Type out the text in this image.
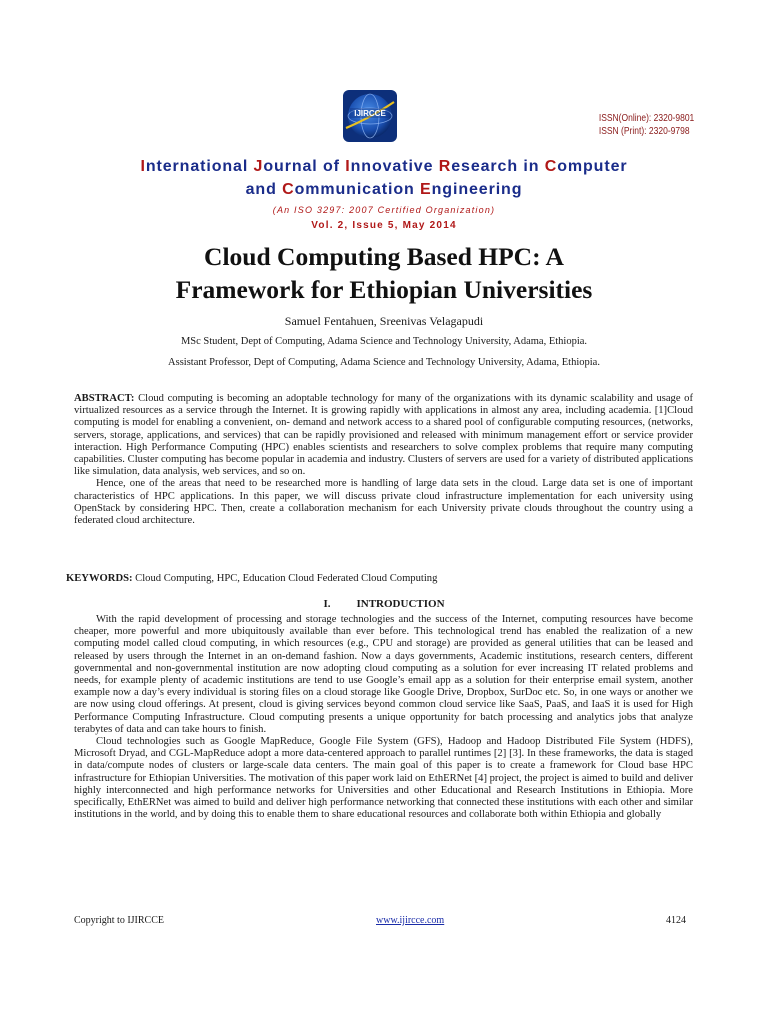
IJIRCCE	ISSN(Online): 2320-9801
ISSN (Print): 2320-9798
International Journal of Innovative Research in Computer
and Communication Engineering
(An ISO 3297: 2007 Certified Organization)
Vol. 2, Issue 5, May 2014
Cloud Computing Based HPC: A
Framework for Ethiopian Universities
Samuel Fentahuen, Sreenivas Velagapudi
MSc Student, Dept of Computing, Adama Science and Technology University, Adama, Ethiopia.
Assistant Professor, Dept of Computing, Adama Science and Technology University, Adama, Ethiopia.

ABSTRACT: Cloud computing is becoming an adoptable technology for many of the organizations with its dynamic scalability and usage of virtualized resources as a service through the Internet. It is growing rapidly with applications in almost any area, including academia. [1]Cloud computing is model for enabling a convenient, on- demand and network access to a shared pool of configurable computing resources, (networks, servers, storage, applications, and services) that can be rapidly provisioned and released with minimum management effort or service provider interaction. High Performance Computing (HPC) enables scientists and researchers to solve complex problems that require many computing capabilities. Cluster computing has become popular in academia and industry. Clusters of servers are used for a variety of distributed applications like simulation, data analysis, web services, and so on.

Hence, one of the areas that need to be researched more is handling of large data sets in the cloud. Large data set is one of important characteristics of HPC applications. In this paper, we will discuss private cloud infrastructure implementation for each university using OpenStack by considering HPC. Then, create a collaboration mechanism for each University private clouds throughout the country using a federated cloud architecture.

KEYWORDS: Cloud Computing, HPC, Education Cloud Federated Cloud Computing
I. INTRODUCTION

With the rapid development of processing and storage technologies and the success of the Internet, computing resources have become cheaper, more powerful and more ubiquitously available than ever before. This technological trend has enabled the realization of a new computing model called cloud computing, in which resources (e.g., CPU and storage) are provided as general utilities that can be leased and released by users through the Internet in an on-demand fashion. Now a days governments, Academic institutions, research centers, different governmental and non-governmental institution are now adopting cloud computing as a solution for ever increasing IT related problems and needs, for example plenty of academic institutions are tend to use Google’s email app as a solution for their enterprise email system, another example now a day’s every individual is storing files on a cloud storage like Google Drive, Dropbox, SurDoc etc. So, in one ways or another we are now using cloud offerings. At present, cloud is giving services beyond common cloud service like SaaS, PaaS, and IaaS it is used for High Performance Computing Infrastructure. Cloud computing presents a unique opportunity for batch processing and analytics jobs that analyze terabytes of data and can take hours to finish.

Cloud technologies such as Google MapReduce, Google File System (GFS), Hadoop and Hadoop Distributed File System (HDFS), Microsoft Dryad, and CGL-MapReduce adopt a more data-centered approach to parallel runtimes [2] [3]. In these frameworks, the data is staged in data/compute nodes of clusters or large-scale data centers. The main goal of this paper is to create a framework for Cloud base HPC infrastructure for Ethiopian Universities. The motivation of this paper work laid on EthERNet [4] project, the project is aimed to build and deliver highly interconnected and high performance networks for Universities and other Educational and Research Institutions in Ethiopia. More specifically, EthERNet was aimed to build and deliver high performance networking that connected these institutions with each other and similar institutions in the world, and by doing this to enable them to share educational resources and collaborate both within Ethiopia and globally

Copyright to IJIRCCE	www.ijircce.com	4124
